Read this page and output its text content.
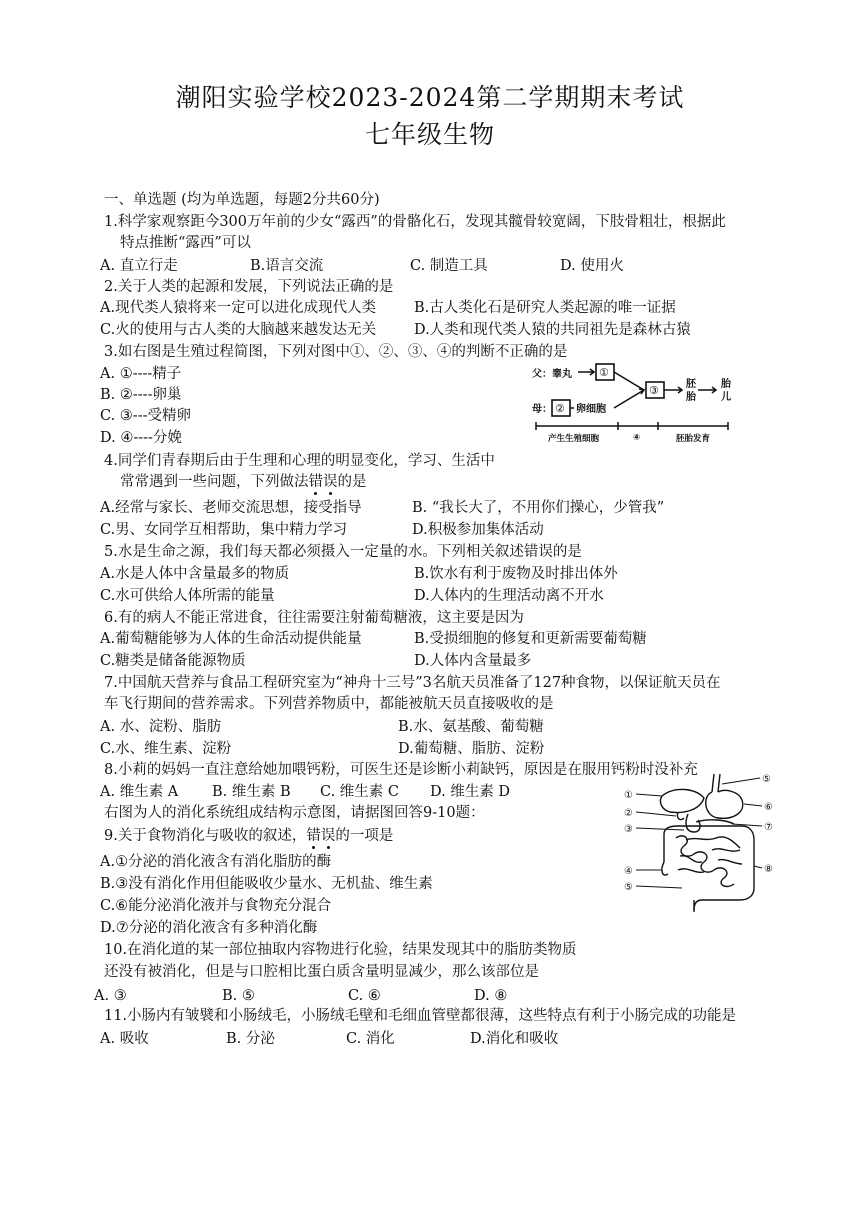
潮阳实验学校2023-2024第二学期期末考试
七年级生物
一、单选题 (均为单选题，每题2分共60分)
1.科学家观察距今300万年前的少女“露西”的骨骼化石，发现其髋骨较宽阔，下肢骨粗壮，根据此
特点推断“露西”可以
A. 直立行走	B.语言交流	C. 制造工具	D. 使用火
2.关于人类的起源和发展，下列说法正确的是
A.现代类人猿将来一定可以进化成现代人类	B.古人类化石是研究人类起源的唯一证据
C.火的使用与古人类的大脑越来越发达无关	D.人类和现代类人猿的共同祖先是森林古猿
3.如右图是生殖过程简图，下列对图中①、②、③、④的判断不正确的是
A. ①----精子
B. ②----卵巢
C. ③---受精卵
D. ④----分娩
父： 睾丸
母： 卵细胞
胚
胎
胎
儿
①
②
③
产生生殖细胞	④	胚胎发育
4.同学们青春期后由于生理和心理的明显变化，学习、生活中
常常遇到一些问题，下列做法错误的是
A.经常与家长、老师交流思想，接受指导	B. “我长大了，不用你们操心，少管我”
C.男、女同学互相帮助，集中精力学习	D.积极参加集体活动
5.水是生命之源，我们每天都必须摄入一定量的水。下列相关叙述错误的是
A.水是人体中含量最多的物质	B.饮水有利于废物及时排出体外
C.水可供给人体所需的能量	D.人体内的生理活动离不开水
6.有的病人不能正常进食，往往需要注射葡萄糖液，这主要是因为
A.葡萄糖能够为人体的生命活动提供能量	B.受损细胞的修复和更新需要葡萄糖
C.糖类是储备能源物质	D.人体内含量最多
7.中国航天营养与食品工程研究室为“神舟十三号”3名航天员准备了127种食物，以保证航天员在
车飞行期间的营养需求。下列营养物质中，都能被航天员直接吸收的是
A. 水、淀粉、脂肪	B.水、氨基酸、葡萄糖
C.水、维生素、淀粉	D.葡萄糖、脂肪、淀粉
8.小莉的妈妈一直注意给她加喂钙粉，可医生还是诊断小莉缺钙，原因是在服用钙粉时没补充
A. 维生素 A B. 维生素 B C. 维生素 C D. 维生素 D
右图为人的消化系统组成结构示意图，请据图回答9-10题：
9.关于食物消化与吸收的叙述，错误的一项是
A.①分泌的消化液含有消化脂肪的酶
B.③没有消化作用但能吸收少量水、无机盐、维生素
C.⑥能分泌消化液并与食物充分混合
D.⑦分泌的消化液含有多种消化酶
①
②
③
④
⑤
⑤
⑥
⑦
⑧
10.在消化道的某一部位抽取内容物进行化验，结果发现其中的脂肪类物质
还没有被消化，但是与口腔相比蛋白质含量明显减少，那么该部位是
A. ③	B. ⑤	C. ⑥	D. ⑧
11.小肠内有皱襞和小肠绒毛，小肠绒毛壁和毛细血管壁都很薄，这些特点有利于小肠完成的功能是
A. 吸收	B. 分泌	C. 消化	D.消化和吸收
